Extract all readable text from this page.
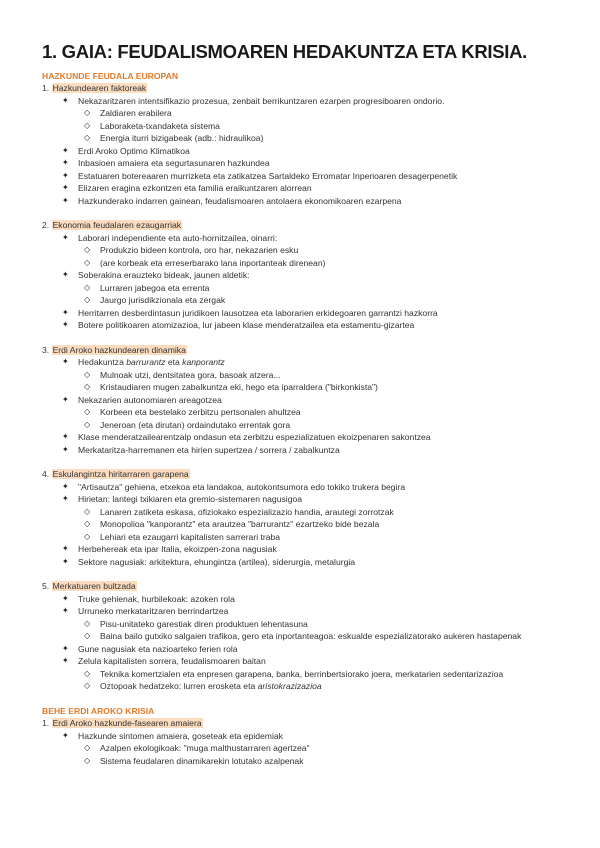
1. GAIA: FEUDALISMOAREN HEDAKUNTZA ETA KRISIA.
HAZKUNDE FEUDALA EUROPAN
1. Hazkundearen faktoreak
✦ Nekazaritzaren intentsifikazio prozesua, zenbait berrikuntzaren ezarpen progresiboaren ondorio.
◇ Zaldiaren erabilera
◇ Laboraketa-txandaketa sistema
◇ Energia iturri bizigabeak (adb.: hidraulikoa)
✦ Erdi Aroko Optimo Klimatikoa
✦ Inbasioen amaiera eta segurtasunaren hazkundea
✦ Estatuaren botereaaren murrizketa eta zatikatzea Sartaldeko Erromatar Inperioaren desagerpenetik
✦ Elizaren eragina ezkontzen eta familia eraikuntzaren alorrean
✦ Hazkunderako indarren gainean, feudalismoaren antolaera ekonomikoaren ezarpena
2. Ekonomia feudalaren ezaugarriak
✦ Laborari independiente eta auto-hornitzailea, oinarri:
◇ Produkzio bideen kontrola, oro har, nekazarien esku
◇ (are korbeak eta erreserbarako lana inportanteak direnean)
✦ Soberakina erauzteko bideak, jaunen aldetik:
◇ Lurraren jabegoa eta errenta
◇ Jaurgo jurisdikzionala eta zergak
✦ Herritarren desberdintasun juridikoen lausotzea eta laborarien erkidegoaren garrantzi hazkorra
✦ Botere politikoaren atomizazioa, lur jabeen klase menderatzailea eta estamentu-gizartea
3. Erdi Aroko hazkundearen dinamika
✦ Hedakuntza barrurantz eta kanporantz
◇ Mulnoak utzi, dentsitatea gora, basoak atzera...
◇ Kristaudiaren mugen zabalkuntza eki, hego eta iparraldera ("birkonkista")
✦ Nekazarien autonomiaren areagotzea
◇ Korbeen eta bestelako zerbitzu pertsonalen ahultzea
◇ Jeneroan (eta dirutan) ordaindutako errentak gora
✦ Klase menderatzailearentzalp ondasun eta zerbitzu espezializatuen ekoizpenaren sakontzea
✦ Merkataritza-harremanen eta hirien supertzea / sorrera / zabalkuntza
4. Eskulangintza hiritarraren garapena
✦ "Artisautza" gehiena, etxekoa eta landakoa, autokontsumora edo tokiko trukera begira
✦ Hirietan: lantegi txikiaren eta gremio-sistemaren nagusigoa
◇ Lanaren zatiketa eskasa, ofiziokako espezializazio handia, arautegi zorrotzak
◇ Monopolioa "kanporantz" eta arautzea "barrurantz" ezartzeko bide bezala
◇ Lehiari eta ezaugarri kapitalisten sarrerari traba
✦ Herbehereak eta ipar Italia, ekoizpen-zona nagusiak
✦ Sektore nagusiak: arkitektura, ehungintza (artilea), siderurgia, metalurgia
5. Merkatuaren bultzada
✦ Truke gehienak, hurbilekoak: azoken rola
✦ Urruneko merkataritzaren berrindartzea
◇ Pisu-unitateko garestiak diren produktuen lehentasuna
◇ Baina bailo gutxiko salgaien trafikoa, gero eta inportanteagoa: eskualde espezializatorako aukeren hastapenak
✦ Gune nagusiak eta nazioarteko ferien rola
✦ Zelula kapitalisten sorrera, feudalismoaren baitan
◇ Teknika komertzialen eta enpresen garapena, banka, berrinbertsiorako joera, merkatarien sedentarizazioa
◇ Oztopoak hedatzeko: lurren erosketa eta aristokrazizazioa
BEHE ERDI AROKO KRISIA
1. Erdi Aroko hazkunde-fasearen amaiera
✦ Hazkunde sintomen amaiera, goseteak eta epidemiak
◇ Azalpen ekologikoak: "muga malthustarraren agertzea"
◇ Sistema feudalaren dinamikarekin lotutako azalpenak
